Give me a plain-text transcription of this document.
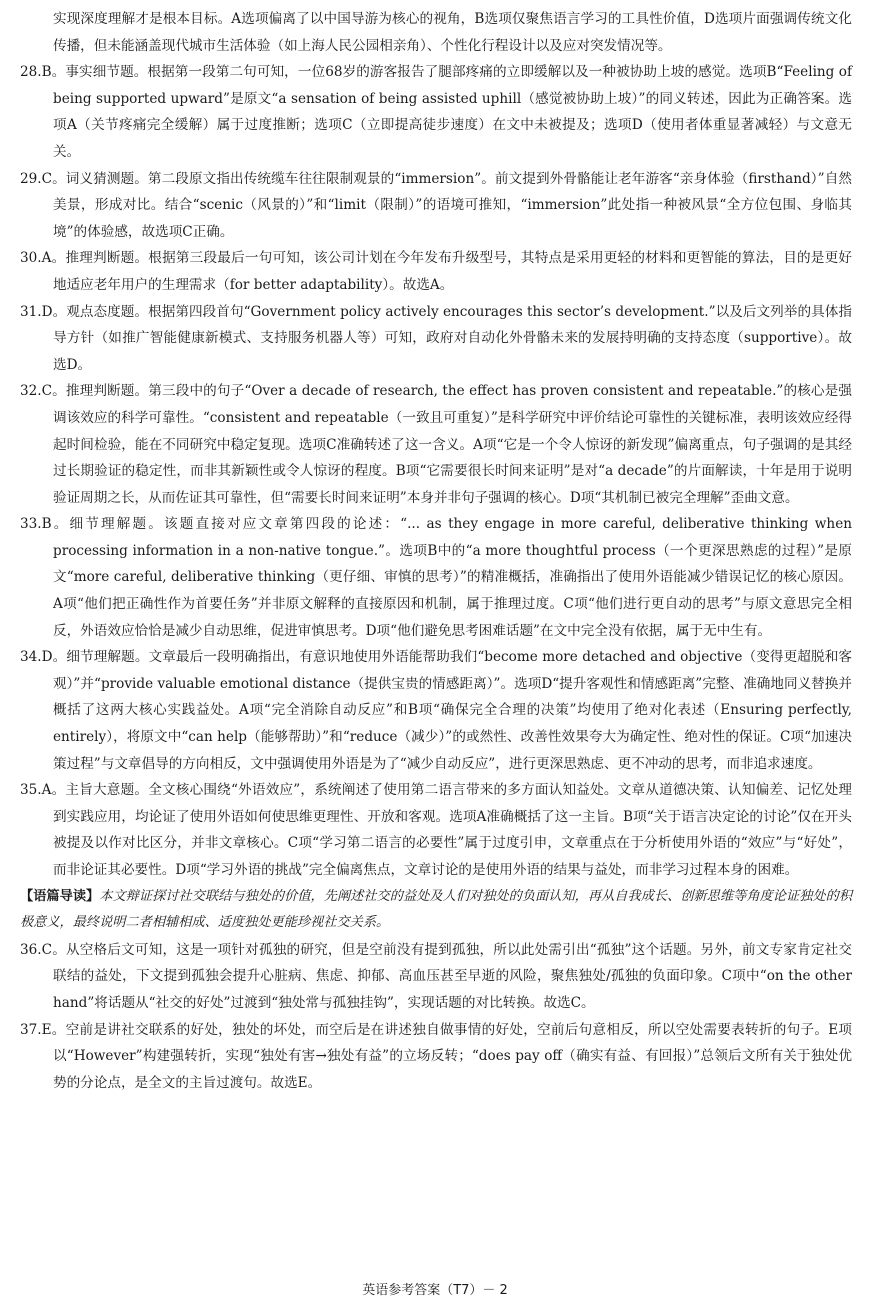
实现深度理解才是根本目标。A选项偏离了以中国导游为核心的视角，B选项仅聚焦语言学习的工具性价值，D选项片面强调传统文化传播，但未能涵盖现代城市生活体验（如上海人民公园相亲角）、个性化行程设计以及应对突发情况等。

28.B。事实细节题。根据第一段第二句可知，一位68岁的游客报告了腿部疼痛的立即缓解以及一种被协助上坡的感觉。选项B“Feeling of being supported upward”是原文“a sensation of being assisted uphill（感觉被协助上坡）”的同义转述，因此为正确答案。选项A（关节疼痛完全缓解）属于过度推断；选项C（立即提高徒步速度）在文中未被提及；选项D（使用者体重显著减轻）与文意无关。

29.C。词义猜测题。第二段原文指出传统缆车往往限制观景的“immersion”。前文提到外骨骼能让老年游客“亲身体验（firsthand）”自然美景，形成对比。结合“scenic（风景的）”和“limit（限制）”的语境可推知，“immersion”此处指一种被风景“全方位包围、身临其境”的体验感，故选项C正确。

30.A。推理判断题。根据第三段最后一句可知，该公司计划在今年发布升级型号，其特点是采用更轻的材料和更智能的算法，目的是更好地适应老年用户的生理需求（for better adaptability）。故选A。

31.D。观点态度题。根据第四段首句“Government policy actively encourages this sector’s development.”以及后文列举的具体指导方针（如推广智能健康新模式、支持服务机器人等）可知，政府对自动化外骨骼未来的发展持明确的支持态度（supportive）。故选D。

32.C。推理判断题。第三段中的句子“Over a decade of research, the effect has proven consistent and repeatable.”的核心是强调该效应的科学可靠性。“consistent and repeatable（一致且可重复）”是科学研究中评价结论可靠性的关键标准，表明该效应经得起时间检验，能在不同研究中稳定复现。选项C准确转述了这一含义。A项“它是一个令人惊讶的新发现”偏离重点，句子强调的是其经过长期验证的稳定性，而非其新颖性或令人惊讶的程度。B项“它需要很长时间来证明”是对“a decade”的片面解读，十年是用于说明验证周期之长，从而佐证其可靠性，但“需要长时间来证明”本身并非句子强调的核心。D项“其机制已被完全理解”歪曲文意。

33.B。细节理解题。该题直接对应文章第四段的论述：“... as they engage in more careful, deliberative thinking when processing information in a non-native tongue.”。选项B中的“a more thoughtful process（一个更深思熟虑的过程）”是原文“more careful, deliberative thinking（更仔细、审慎的思考）”的精准概括，准确指出了使用外语能减少错误记忆的核心原因。A项“他们把正确性作为首要任务”并非原文解释的直接原因和机制，属于推理过度。C项“他们进行更自动的思考”与原文意思完全相反，外语效应恰恰是减少自动思维，促进审慎思考。D项“他们避免思考困难话题”在文中完全没有依据，属于无中生有。

34.D。细节理解题。文章最后一段明确指出，有意识地使用外语能帮助我们“become more detached and objective（变得更超脱和客观）”并“provide valuable emotional distance（提供宝贵的情感距离）”。选项D“提升客观性和情感距离”完整、准确地同义替换并概括了这两大核心实践益处。A项“完全消除自动反应”和B项“确保完全合理的决策”均使用了绝对化表述（Ensuring perfectly, entirely），将原文中“can help（能够帮助）”和“reduce（减少）”的或然性、改善性效果夸大为确定性、绝对性的保证。C项“加速决策过程”与文章倡导的方向相反，文中强调使用外语是为了“减少自动反应”，进行更深思熟虑、更不冲动的思考，而非追求速度。

35.A。主旨大意题。全文核心围绕“外语效应”，系统阐述了使用第二语言带来的多方面认知益处。文章从道德决策、认知偏差、记忆处理到实践应用，均论证了使用外语如何使思维更理性、开放和客观。选项A准确概括了这一主旨。B项“关于语言决定论的讨论”仅在开头被提及以作对比区分，并非文章核心。C项“学习第二语言的必要性”属于过度引申，文章重点在于分析使用外语的“效应”与“好处”，而非论证其必要性。D项“学习外语的挑战”完全偏离焦点，文章讨论的是使用外语的结果与益处，而非学习过程本身的困难。

【语篇导读】本文辩证探讨社交联结与独处的价值，先阐述社交的益处及人们对独处的负面认知，再从自我成长、创新思维等角度论证独处的积极意义，最终说明二者相辅相成、适度独处更能珍视社交关系。

36.C。从空格后文可知，这是一项针对孤独的研究，但是空前没有提到孤独，所以此处需引出“孤独”这个话题。另外，前文专家肯定社交联结的益处，下文提到孤独会提升心脏病、焦虑、抑郁、高血压甚至早逝的风险，聚焦独处/孤独的负面印象。C项中“on the other hand”将话题从“社交的好处”过渡到“独处常与孤独挂钩”，实现话题的对比转换。故选C。

37.E。空前是讲社交联系的好处，独处的坏处，而空后是在讲述独自做事情的好处，空前后句意相反，所以空处需要表转折的句子。E项以“However”构建强转折，实现“独处有害→独处有益”的立场反转；“does pay off（确实有益、有回报）”总领后文所有关于独处优势的分论点，是全文的主旨过渡句。故选E。

英语参考答案（T7）－ 2
